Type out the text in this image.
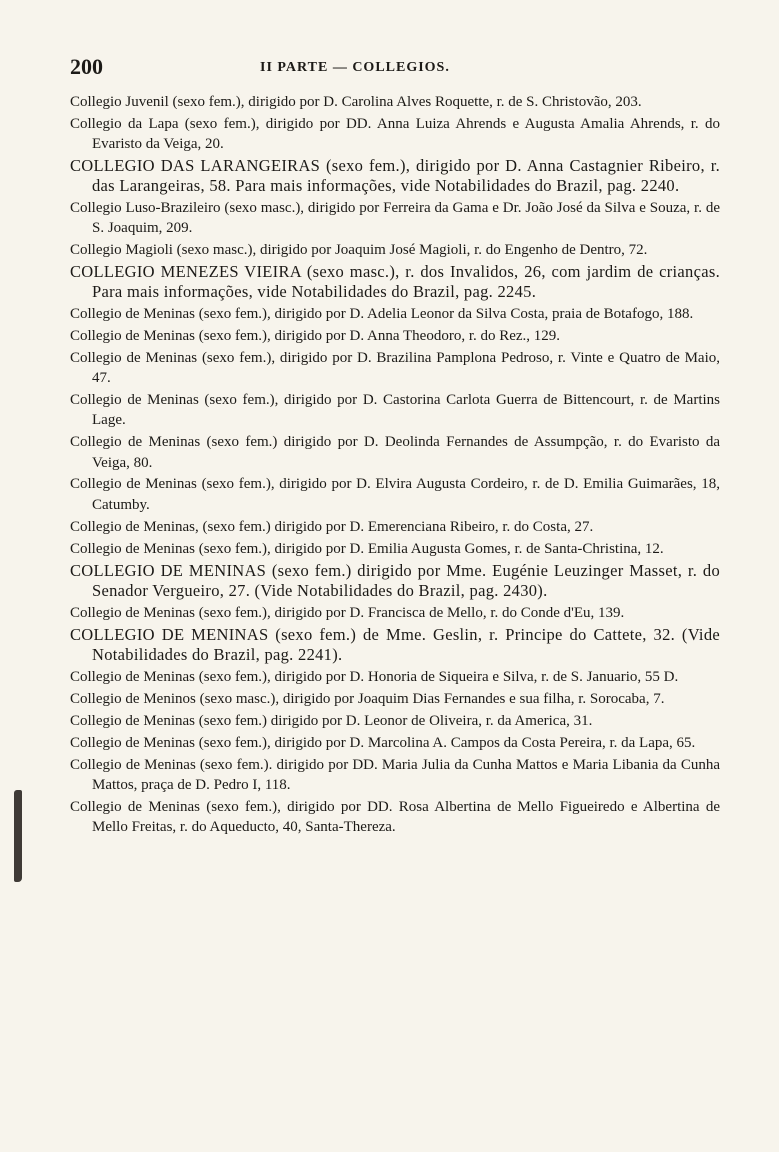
200	II PARTE — COLLEGIOS.

Collegio Juvenil (sexo fem.), dirigido por D. Carolina Alves Roquette, r. de S. Christovão, 203.

Collegio da Lapa (sexo fem.), dirigido por DD. Anna Luiza Ahrends e Augusta Amalia Ahrends, r. do Evaristo da Veiga, 20.

COLLEGIO DAS LARANGEIRAS (sexo fem.), dirigido por D. Anna Castagnier Ribeiro, r. das Larangeiras, 58. Para mais informações, vide Notabilidades do Brazil, pag. 2240.

Collegio Luso-Brazileiro (sexo masc.), dirigido por Ferreira da Gama e Dr. João José da Silva e Souza, r. de S. Joaquim, 209.

Collegio Magioli (sexo masc.), dirigido por Joaquim José Magioli, r. do Engenho de Dentro, 72.

COLLEGIO MENEZES VIEIRA (sexo masc.), r. dos Invalidos, 26, com jardim de crianças. Para mais informações, vide Notabilidades do Brazil, pag. 2245.

Collegio de Meninas (sexo fem.), dirigido por D. Adelia Leonor da Silva Costa, praia de Botafogo, 188.

Collegio de Meninas (sexo fem.), dirigido por D. Anna Theodoro, r. do Rez., 129.

Collegio de Meninas (sexo fem.), dirigido por D. Brazilina Pamplona Pedroso, r. Vinte e Quatro de Maio, 47.

Collegio de Meninas (sexo fem.), dirigido por D. Castorina Carlota Guerra de Bittencourt, r. de Martins Lage.

Collegio de Meninas (sexo fem.) dirigido por D. Deolinda Fernandes de Assumpção, r. do Evaristo da Veiga, 80.

Collegio de Meninas (sexo fem.), dirigido por D. Elvira Augusta Cordeiro, r. de D. Emilia Guimarães, 18, Catumby.

Collegio de Meninas, (sexo fem.) dirigido por D. Emerenciana Ribeiro, r. do Costa, 27.

Collegio de Meninas (sexo fem.), dirigido por D. Emilia Augusta Gomes, r. de Santa-Christina, 12.

COLLEGIO DE MENINAS (sexo fem.) dirigido por Mme. Eugénie Leuzinger Masset, r. do Senador Vergueiro, 27. (Vide Notabilidades do Brazil, pag. 2430).

Collegio de Meninas (sexo fem.), dirigido por D. Francisca de Mello, r. do Conde d'Eu, 139.

COLLEGIO DE MENINAS (sexo fem.) de Mme. Geslin, r. Principe do Cattete, 32. (Vide Notabilidades do Brazil, pag. 2241).

Collegio de Meninas (sexo fem.), dirigido por D. Honoria de Siqueira e Silva, r. de S. Januario, 55 D.

Collegio de Meninos (sexo masc.), dirigido por Joaquim Dias Fernandes e sua filha, r. Sorocaba, 7.

Collegio de Meninas (sexo fem.) dirigido por D. Leonor de Oliveira, r. da America, 31.

Collegio de Meninas (sexo fem.), dirigido por D. Marcolina A. Campos da Costa Pereira, r. da Lapa, 65.

Collegio de Meninas (sexo fem.). dirigido por DD. Maria Julia da Cunha Mattos e Maria Libania da Cunha Mattos, praça de D. Pedro I, 118.

Collegio de Meninas (sexo fem.), dirigido por DD. Rosa Albertina de Mello Figueiredo e Albertina de Mello Freitas, r. do Aqueducto, 40, Santa-Thereza.
